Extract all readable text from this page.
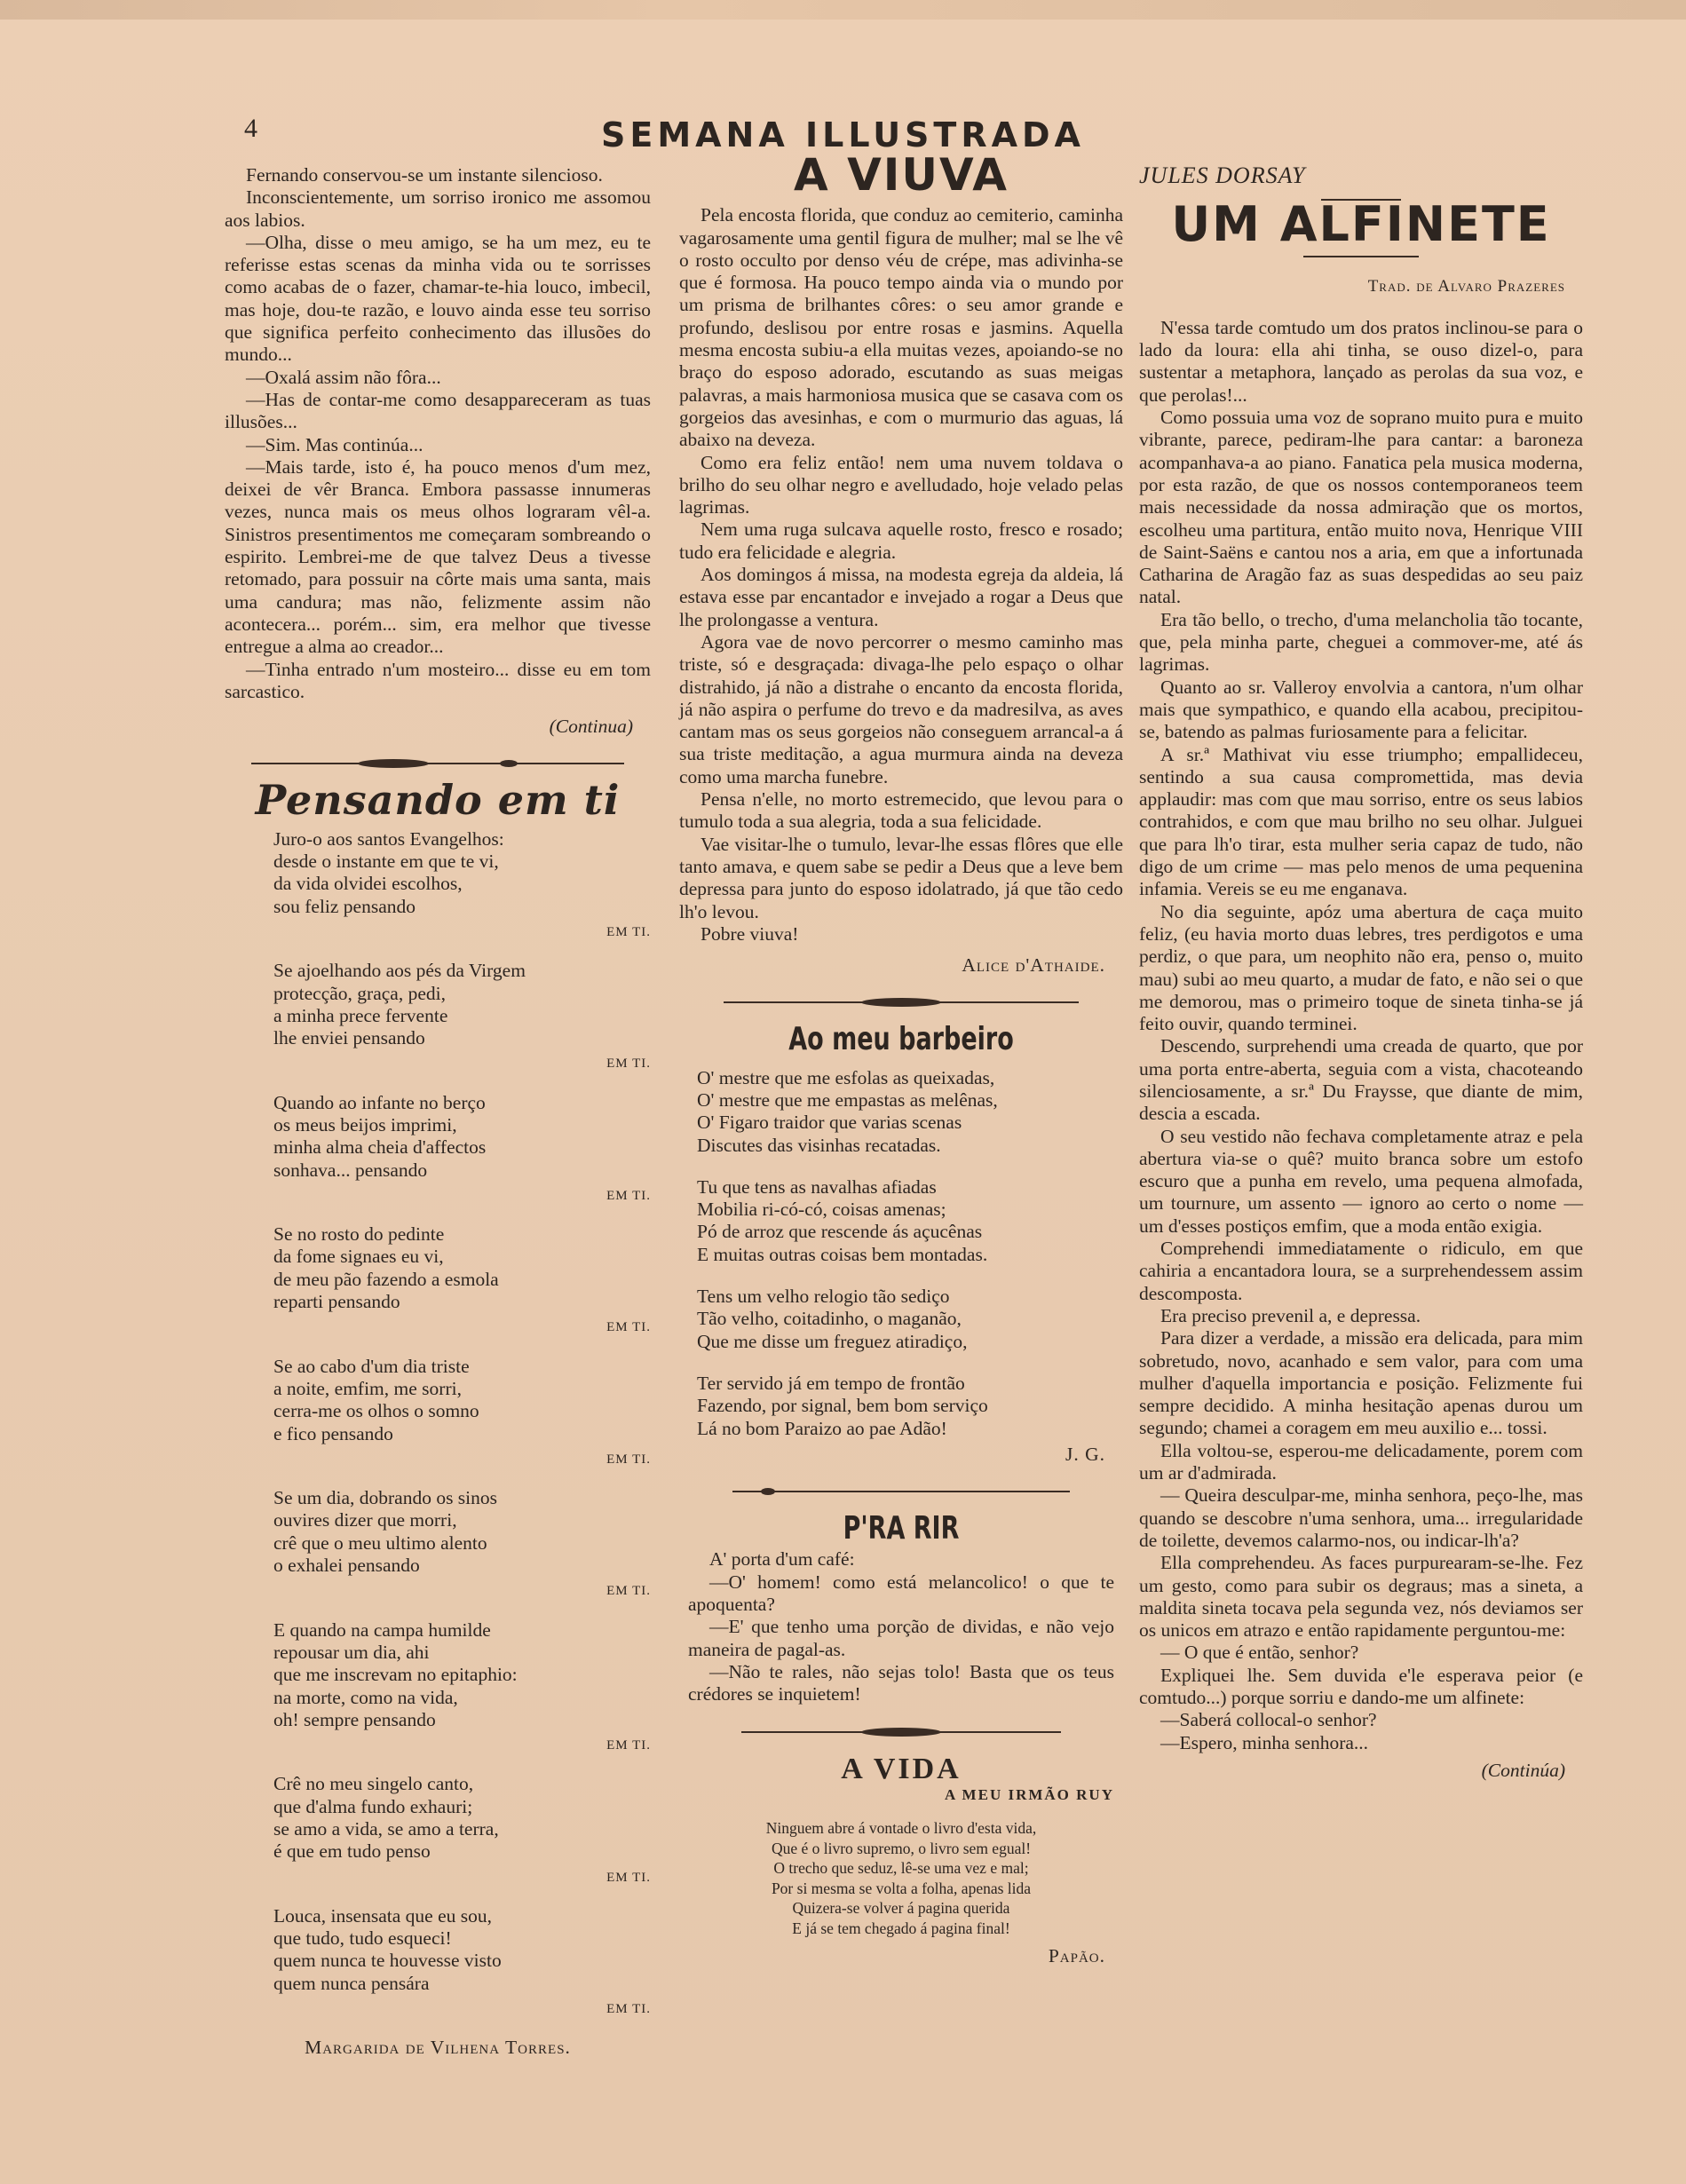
4	SEMANA ILLUSTRADA

Fernando conservou-se um instante silencioso.

Inconscientemente, um sorriso ironico me assomou aos labios.

—Olha, disse o meu amigo, se ha um mez, eu te referisse estas scenas da minha vida ou te sorrisses como acabas de o fazer, chamar-te-hia louco, imbecil, mas hoje, dou-te razão, e louvo ainda esse teu sorriso que significa perfeito conhecimento das illusões do mundo...

—Oxalá assim não fôra...

—Has de contar-me como desappareceram as tuas illusões...

—Sim. Mas continúa...

—Mais tarde, isto é, ha pouco menos d'um mez, deixei de vêr Branca. Embora passasse innumeras vezes, nunca mais os meus olhos lograram vêl-a. Sinistros presentimentos me começaram sombreando o espirito. Lembrei-me de que talvez Deus a tivesse retomado, para possuir na côrte mais uma santa, mais uma candura; mas não, felizmente assim não acontecera... porém... sim, era melhor que tivesse entregue a alma ao creador...

—Tinha entrado n'um mosteiro... disse eu em tom sarcastico.

(Continua)
Pensando em ti
Juro-o aos santos Evangelhos:
desde o instante em que te vi,
da vida olvidei escolhos,
sou feliz pensando
EM TI.
Se ajoelhando aos pés da Virgem
protecção, graça, pedi,
a minha prece fervente
lhe enviei pensando
EM TI.
Quando ao infante no berço
os meus beijos imprimi,
minha alma cheia d'affectos
sonhava... pensando
EM TI.
Se no rosto do pedinte
da fome signaes eu vi,
de meu pão fazendo a esmola
reparti pensando
EM TI.
Se ao cabo d'um dia triste
a noite, emfim, me sorri,
cerra-me os olhos o somno
e fico pensando
EM TI.
Se um dia, dobrando os sinos
ouvires dizer que morri,
crê que o meu ultimo alento
o exhalei pensando
EM TI.
E quando na campa humilde
repousar um dia, ahi
que me inscrevam no epitaphio:
na morte, como na vida,
oh! sempre pensando
EM TI.
Crê no meu singelo canto,
que d'alma fundo exhauri;
se amo a vida, se amo a terra,
é que em tudo penso
EM TI.
Louca, insensata que eu sou,
que tudo, tudo esqueci!
quem nunca te houvesse visto
quem nunca pensára
EM TI.
Margarida de Vilhena Torres.
A VIUVA

Pela encosta florida, que conduz ao cemiterio, caminha vagarosamente uma gentil figura de mulher; mal se lhe vê o rosto occulto por denso véu de crépe, mas adivinha-se que é formosa. Ha pouco tempo ainda via o mundo por um prisma de brilhantes côres: o seu amor grande e profundo, deslisou por entre rosas e jasmins. Aquella mesma encosta subiu-a ella muitas vezes, apoiando-se no braço do esposo adorado, escutando as suas meigas palavras, a mais harmoniosa musica que se casava com os gorgeios das avesinhas, e com o murmurio das aguas, lá abaixo na deveza.

Como era feliz então! nem uma nuvem toldava o brilho do seu olhar negro e avelludado, hoje velado pelas lagrimas.

Nem uma ruga sulcava aquelle rosto, fresco e rosado; tudo era felicidade e alegria.

Aos domingos á missa, na modesta egreja da aldeia, lá estava esse par encantador e invejado a rogar a Deus que lhe prolongasse a ventura.

Agora vae de novo percorrer o mesmo caminho mas triste, só e desgraçada: divaga-lhe pelo espaço o olhar distrahido, já não a distrahe o encanto da encosta florida, já não aspira o perfume do trevo e da madresilva, as aves cantam mas os seus gorgeios não conseguem arrancal-a á sua triste meditação, a agua murmura ainda na deveza como uma marcha funebre.

Pensa n'elle, no morto estremecido, que levou para o tumulo toda a sua alegria, toda a sua felicidade.

Vae visitar-lhe o tumulo, levar-lhe essas flôres que elle tanto amava, e quem sabe se pedir a Deus que a leve bem depressa para junto do esposo idolatrado, já que tão cedo lh'o levou.

Pobre viuva!

Alice d'Athaide.
Ao meu barbeiro
O' mestre que me esfolas as queixadas,
O' mestre que me empastas as melênas,
O' Figaro traidor que varias scenas
Discutes das visinhas recatadas.
Tu que tens as navalhas afiadas
Mobilia ri-có-có, coisas amenas;
Pó de arroz que rescende ás açucênas
E muitas outras coisas bem montadas.
Tens um velho relogio tão sediço
Tão velho, coitadinho, o maganão,
Que me disse um freguez atiradiço,
Ter servido já em tempo de frontão
Fazendo, por signal, bem bom serviço
Lá no bom Paraizo ao pae Adão!
J. G.
P'RA RIR

A' porta d'um café:

—O' homem! como está melancolico! o que te apoquenta?

—E' que tenho uma porção de dividas, e não vejo maneira de pagal-as.

—Não te rales, não sejas tolo! Basta que os teus crédores se inquietem!

A VIDA
A MEU IRMÃO RUY
Ninguem abre á vontade o livro d'esta vida,
Que é o livro supremo, o livro sem egual!
O trecho que seduz, lê-se uma vez e mal;
Por si mesma se volta a folha, apenas lida
Quizera-se volver á pagina querida
E já se tem chegado á pagina final!
Papão.
JULES DORSAY
UM ALFINETE
Trad. de Alvaro Prazeres

N'essa tarde comtudo um dos pratos inclinou-se para o lado da loura: ella ahi tinha, se ouso dizel-o, para sustentar a metaphora, lançado as perolas da sua voz, e que perolas!...

Como possuia uma voz de soprano muito pura e muito vibrante, parece, pediram-lhe para cantar: a baroneza acompanhava-a ao piano. Fanatica pela musica moderna, por esta razão, de que os nossos contemporaneos teem mais necessidade da nossa admiração que os mortos, escolheu uma partitura, então muito nova, Henrique VIII de Saint-Saëns e cantou nos a aria, em que a infortunada Catharina de Aragão faz as suas despedidas ao seu paiz natal.

Era tão bello, o trecho, d'uma melancholia tão tocante, que, pela minha parte, cheguei a commover-me, até ás lagrimas.

Quanto ao sr. Valleroy envolvia a cantora, n'um olhar mais que sympathico, e quando ella acabou, precipitou-se, batendo as palmas furiosamente para a felicitar.

A sr.ª Mathivat viu esse triumpho; empallideceu, sentindo a sua causa compromettida, mas devia applaudir: mas com que mau sorriso, entre os seus labios contrahidos, e com que mau brilho no seu olhar. Julguei que para lh'o tirar, esta mulher seria capaz de tudo, não digo de um crime — mas pelo menos de uma pequenina infamia. Vereis se eu me enganava.

No dia seguinte, apóz uma abertura de caça muito feliz, (eu havia morto duas lebres, tres perdigotos e uma perdiz, o que para, um neophito não era, penso o, muito mau) subi ao meu quarto, a mudar de fato, e não sei o que me demorou, mas o primeiro toque de sineta tinha-se já feito ouvir, quando terminei.

Descendo, surprehendi uma creada de quarto, que por uma porta entre-aberta, seguia com a vista, chacoteando silenciosamente, a sr.ª Du Fraysse, que diante de mim, descia a escada.

O seu vestido não fechava completamente atraz e pela abertura via-se o quê? muito branca sobre um estofo escuro que a punha em revelo, uma pequena almofada, um tournure, um assento — ignoro ao certo o nome — um d'esses postiços emfim, que a moda então exigia.

Comprehendi immediatamente o ridiculo, em que cahiria a encantadora loura, se a surprehendessem assim descomposta.

Era preciso prevenil a, e depressa.

Para dizer a verdade, a missão era delicada, para mim sobretudo, novo, acanhado e sem valor, para com uma mulher d'aquella importancia e posição. Felizmente fui sempre decidido. A minha hesitação apenas durou um segundo; chamei a coragem em meu auxilio e... tossi.

Ella voltou-se, esperou-me delicadamente, porem com um ar d'admirada.

— Queira desculpar-me, minha senhora, peço-lhe, mas quando se descobre n'uma senhora, uma... irregularidade de toilette, devemos calarmo-nos, ou indicar-lh'a?

Ella comprehendeu. As faces purpurearam-se-lhe. Fez um gesto, como para subir os degraus; mas a sineta, a maldita sineta tocava pela segunda vez, nós deviamos ser os unicos em atrazo e então rapidamente perguntou-me:

— O que é então, senhor?

Expliquei lhe. Sem duvida e'le esperava peior (e comtudo...) porque sorriu e dando-me um alfinete:

—Saberá collocal-o senhor?

—Espero, minha senhora...

(Continúa)
